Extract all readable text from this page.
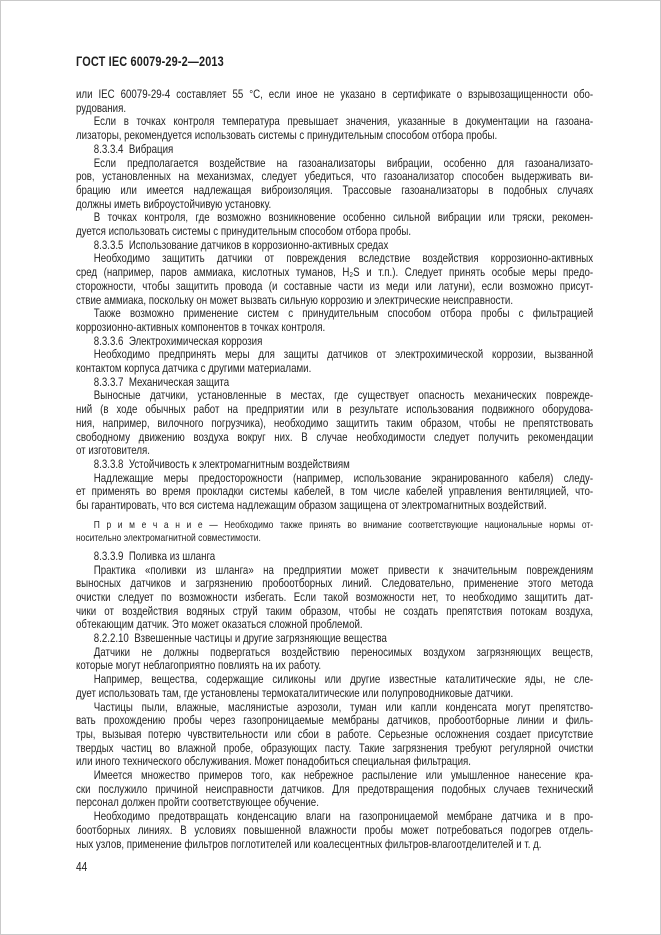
ГОСТ IEC 60079-29-2—2013
или IEC 60079-29-4 составляет 55 °С, если иное не указано в сертификате о взрывозащищенности обо-
рудования.
Если в точках контроля температура превышает значения, указанные в документации на газоана-
лизаторы, рекомендуется использовать системы с принудительным способом отбора пробы.
8.3.3.4  Вибрация
Если предполагается воздействие на газоанализаторы вибрации, особенно для газоанализато-
ров, установленных на механизмах, следует убедиться, что газоанализатор способен выдерживать ви-
брацию или имеется надлежащая виброизоляция. Трассовые газоанализаторы в подобных случаях
должны иметь виброустойчивую установку.
В точках контроля, где возможно возникновение особенно сильной вибрации или тряски, рекомен-
дуется использовать системы с принудительным способом отбора пробы.
8.3.3.5  Использование датчиков в коррозионно-активных средах
Необходимо защитить датчики от повреждения вследствие воздействия коррозионно-активных
сред (например, паров аммиака, кислотных туманов, H₂S и т.п.). Следует принять особые меры предо-
сторожности, чтобы защитить провода (и составные части из меди или латуни), если возможно присут-
ствие аммиака, поскольку он может вызвать сильную коррозию и электрические неисправности.
Также возможно применение систем с принудительным способом отбора пробы с фильтрацией
коррозионно-активных компонентов в точках контроля.
8.3.3.6  Электрохимическая коррозия
Необходимо предпринять меры для защиты датчиков от электрохимической коррозии, вызванной
контактом корпуса датчика с другими материалами.
8.3.3.7  Механическая защита
Выносные датчики, установленные в местах, где существует опасность механических поврежде-
ний (в ходе обычных работ на предприятии или в результате использования подвижного оборудова-
ния, например, вилочного погрузчика), необходимо защитить таким образом, чтобы не препятствовать
свободному движению воздуха вокруг них. В случае необходимости следует получить рекомендации
от изготовителя.
8.3.3.8  Устойчивость к электромагнитным воздействиям
Надлежащие меры предосторожности (например, использование экранированного кабеля) следу-
ет применять во время прокладки системы кабелей, в том числе кабелей управления вентиляцией, что-
бы гарантировать, что вся система надлежащим образом защищена от электромагнитных воздействий.
П р и м е ч а н и е — Необходимо также принять во внимание соответствующие национальные нормы от-
носительно электромагнитной совместимости.
8.3.3.9  Поливка из шланга
Практика «поливки из шланга» на предприятии может привести к значительным повреждениям
выносных датчиков и загрязнению пробоотборных линий. Следовательно, применение этого метода
очистки следует по возможности избегать. Если такой возможности нет, то необходимо защитить дат-
чики от воздействия водяных струй таким образом, чтобы не создать препятствия потокам воздуха,
обтекающим датчик. Это может оказаться сложной проблемой.
8.2.2.10  Взвешенные частицы и другие загрязняющие вещества
Датчики не должны подвергаться воздействию переносимых воздухом загрязняющих веществ,
которые могут неблагоприятно повлиять на их работу.
Например, вещества, содержащие силиконы или другие известные каталитические яды, не сле-
дует использовать там, где установлены термокаталитические или полупроводниковые датчики.
Частицы пыли, влажные, маслянистые аэрозоли, туман или капли конденсата могут препятство-
вать прохождению пробы через газопроницаемые мембраны датчиков, пробоотборные линии и филь-
тры, вызывая потерю чувствительности или сбои в работе. Серьезные осложнения создает присутствие
твердых частиц во влажной пробе, образующих пасту. Такие загрязнения требуют регулярной очистки
или иного технического обслуживания. Может понадобиться специальная фильтрация.
Имеется множество примеров того, как небрежное распыление или умышленное нанесение кра-
ски послужило причиной неисправности датчиков. Для предотвращения подобных случаев технический
персонал должен пройти соответствующее обучение.
Необходимо предотвращать конденсацию влаги на газопроницаемой мембране датчика и в про-
боотборных линиях. В условиях повышенной влажности пробы может потребоваться подогрев отдель-
ных узлов, применение фильтров поглотителей или коалесцентных фильтров-влагоотделителей и т. д.
44
